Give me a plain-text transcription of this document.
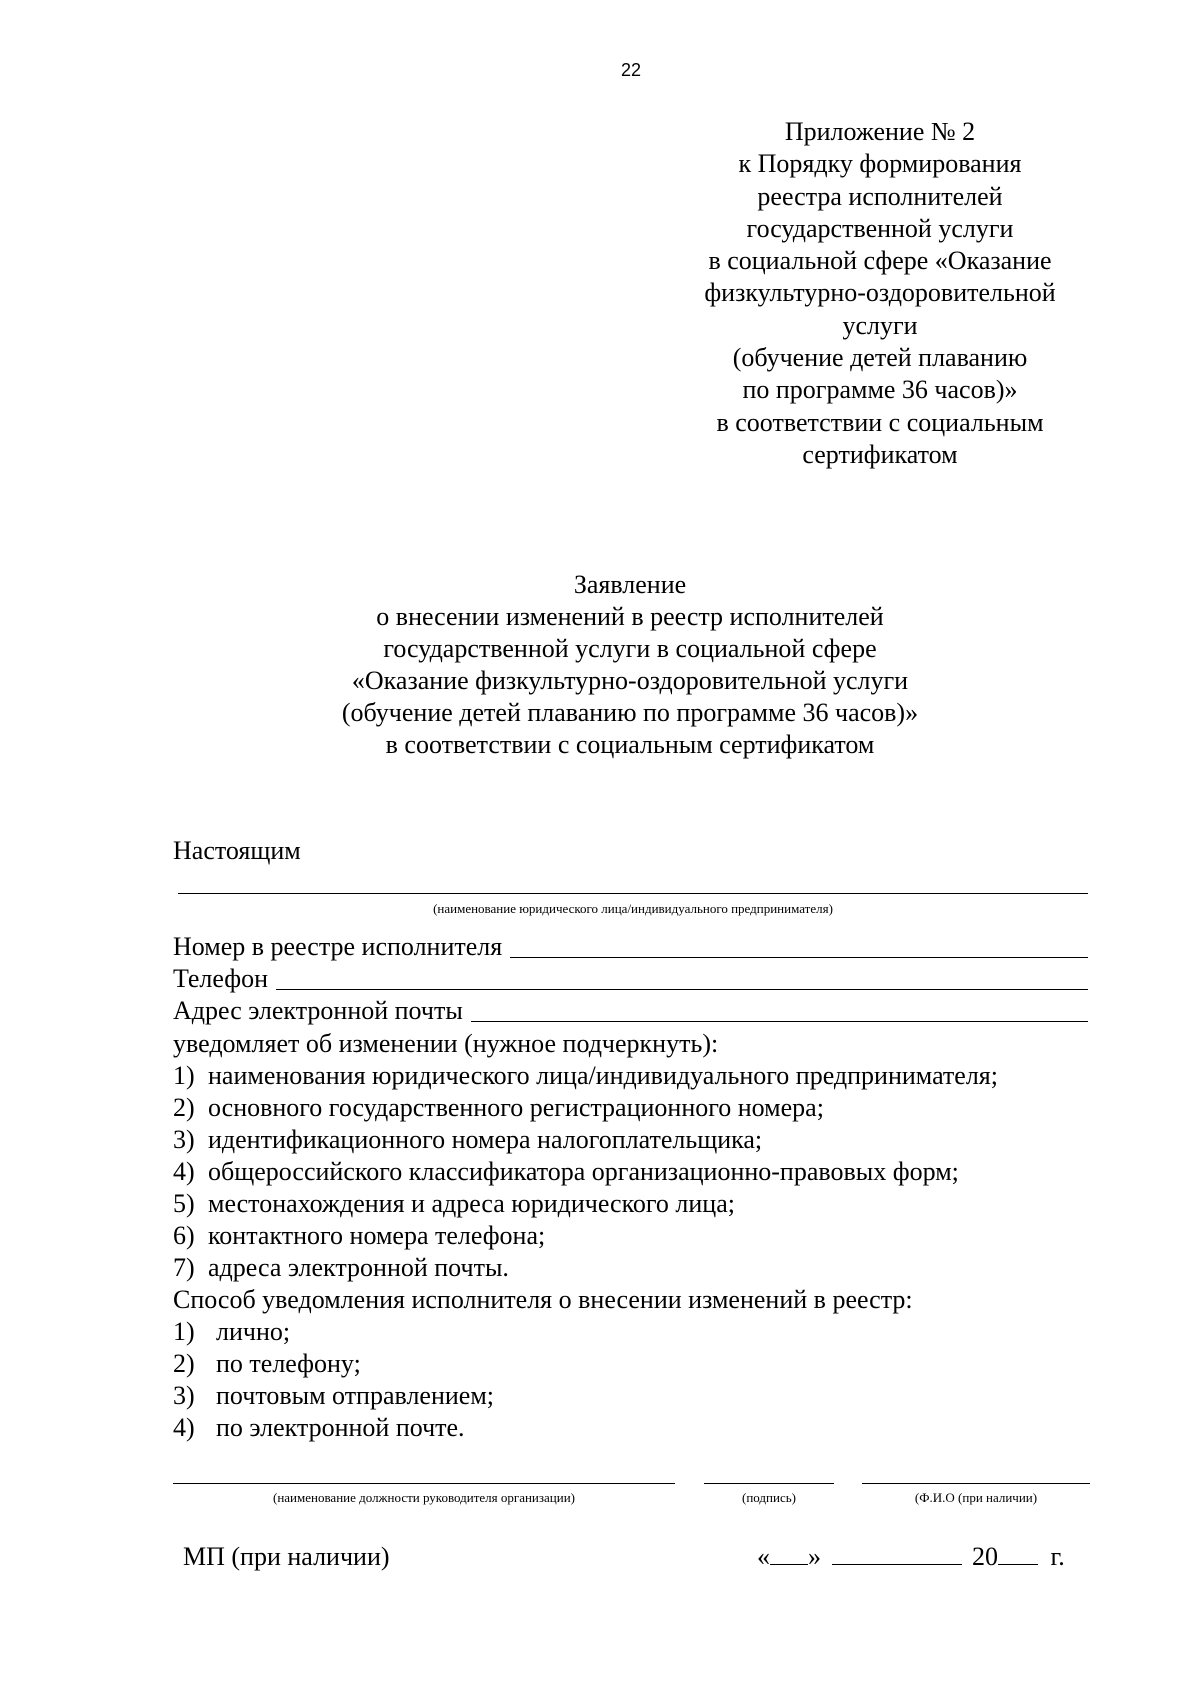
22
Приложение № 2
к Порядку формирования
реестра исполнителей
государственной услуги
в социальной сфере «Оказание
физкультурно-оздоровительной
услуги
(обучение детей плаванию
по программе 36 часов)»
в соответствии с социальным
сертификатом
Заявление
о внесении изменений в реестр исполнителей
государственной услуги в социальной сфере
«Оказание физкультурно-оздоровительной услуги
(обучение детей плаванию по программе 36 часов)»
в соответствии с социальным сертификатом
Настоящим
(наименование юридического лица/индивидуального предпринимателя)
Номер в реестре исполнителя
Телефон
Адрес электронной почты
уведомляет об изменении (нужное подчеркнуть):
1) наименования юридического лица/индивидуального предпринимателя;
2) основного государственного регистрационного номера;
3) идентификационного номера налогоплательщика;
4) общероссийского классификатора организационно-правовых форм;
5) местонахождения и адреса юридического лица;
6) контактного номера телефона;
7) адреса электронной почты.
Способ уведомления исполнителя о внесении изменений в реестр:
1) лично;
2) по телефону;
3) почтовым отправлением;
4) по электронной почте.
(наименование должности руководителя организации)	(подпись)	(Ф.И.О (при наличии)
МП (при наличии)	« »	20 г.
